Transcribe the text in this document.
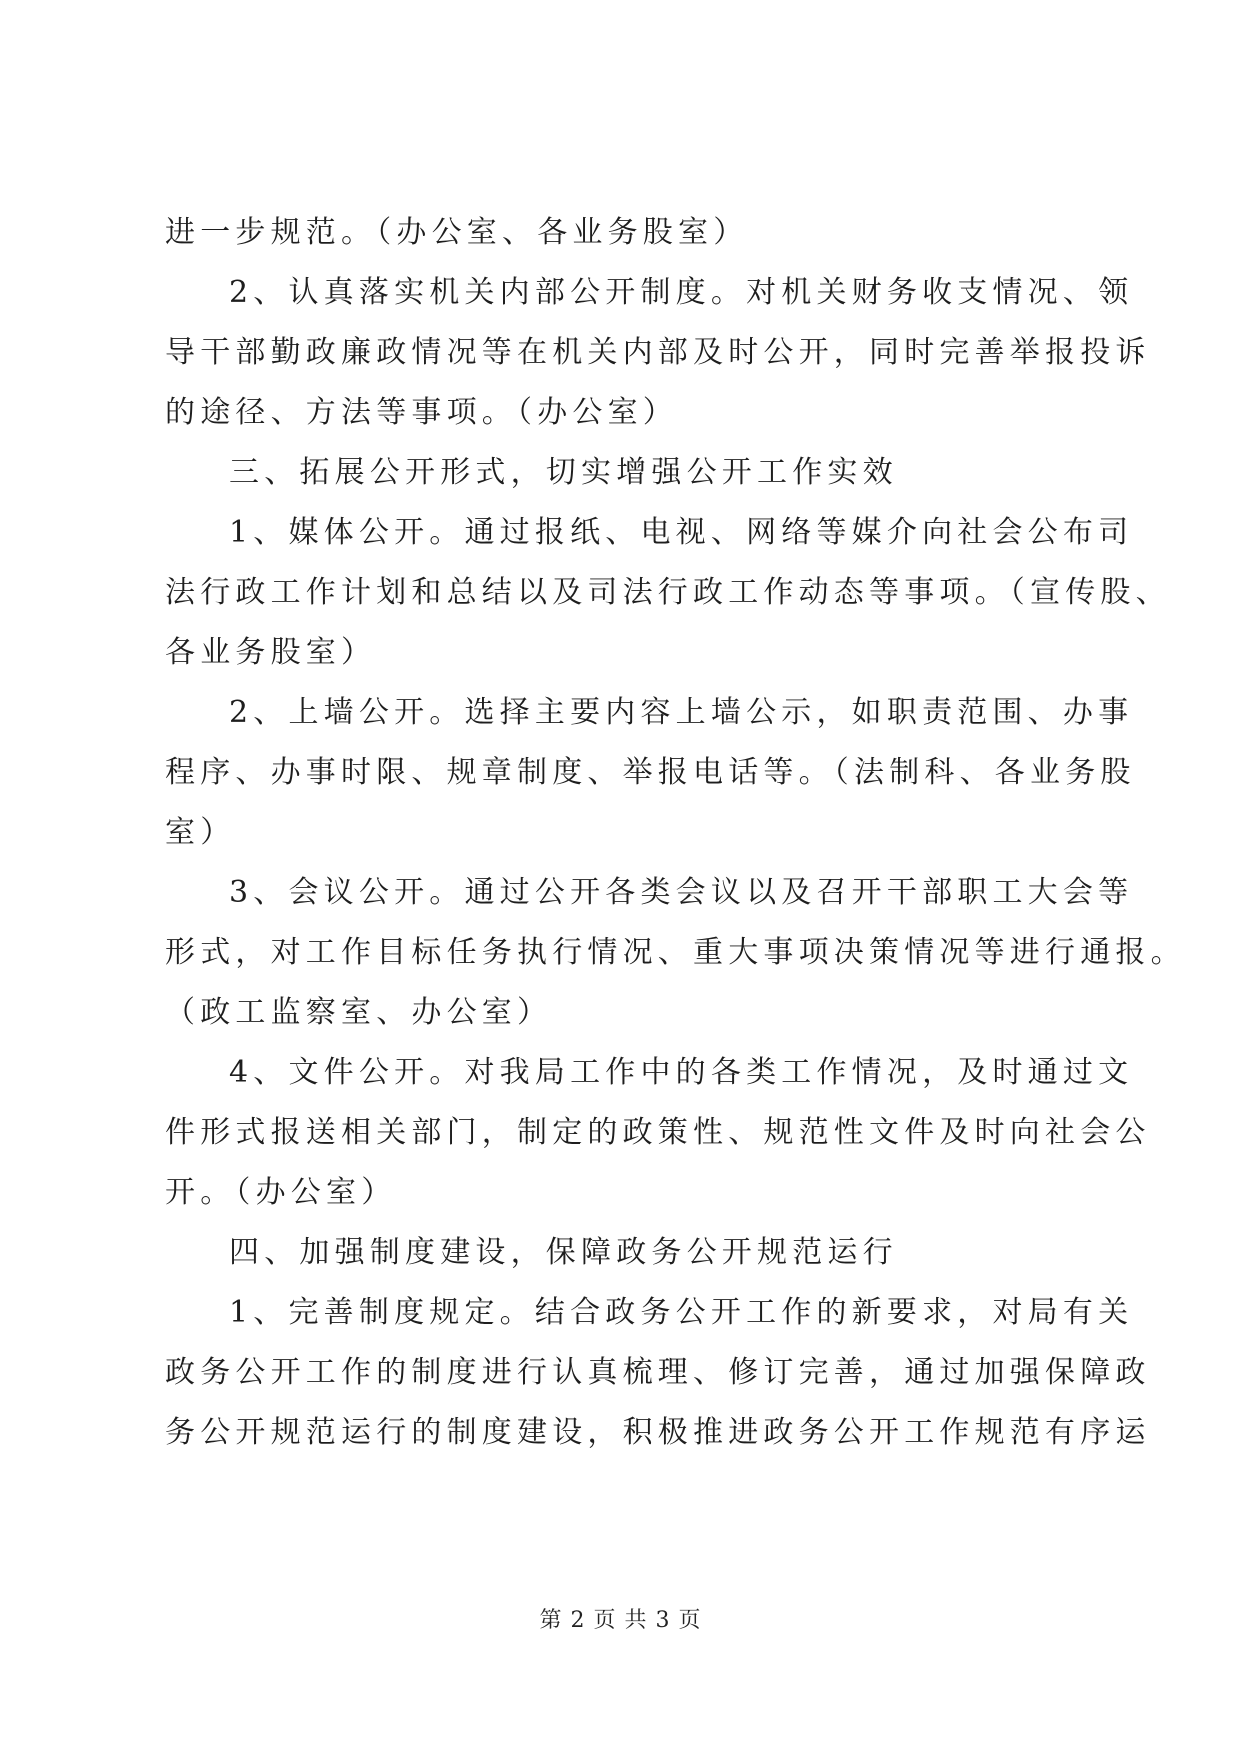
进一步规范。（办公室、各业务股室）
2、认真落实机关内部公开制度。对机关财务收支情况、领
导干部勤政廉政情况等在机关内部及时公开，同时完善举报投诉
的途径、方法等事项。（办公室）
三、拓展公开形式，切实增强公开工作实效
1、媒体公开。通过报纸、电视、网络等媒介向社会公布司
法行政工作计划和总结以及司法行政工作动态等事项。（宣传股、
各业务股室）
2、上墙公开。选择主要内容上墙公示，如职责范围、办事
程序、办事时限、规章制度、举报电话等。（法制科、各业务股
室）
3、会议公开。通过公开各类会议以及召开干部职工大会等
形式，对工作目标任务执行情况、重大事项决策情况等进行通报。
（政工监察室、办公室）
4、文件公开。对我局工作中的各类工作情况，及时通过文
件形式报送相关部门，制定的政策性、规范性文件及时向社会公
开。（办公室）
四、加强制度建设，保障政务公开规范运行
1、完善制度规定。结合政务公开工作的新要求，对局有关
政务公开工作的制度进行认真梳理、修订完善，通过加强保障政
务公开规范运行的制度建设，积极推进政务公开工作规范有序运
第 2 页 共 3 页
